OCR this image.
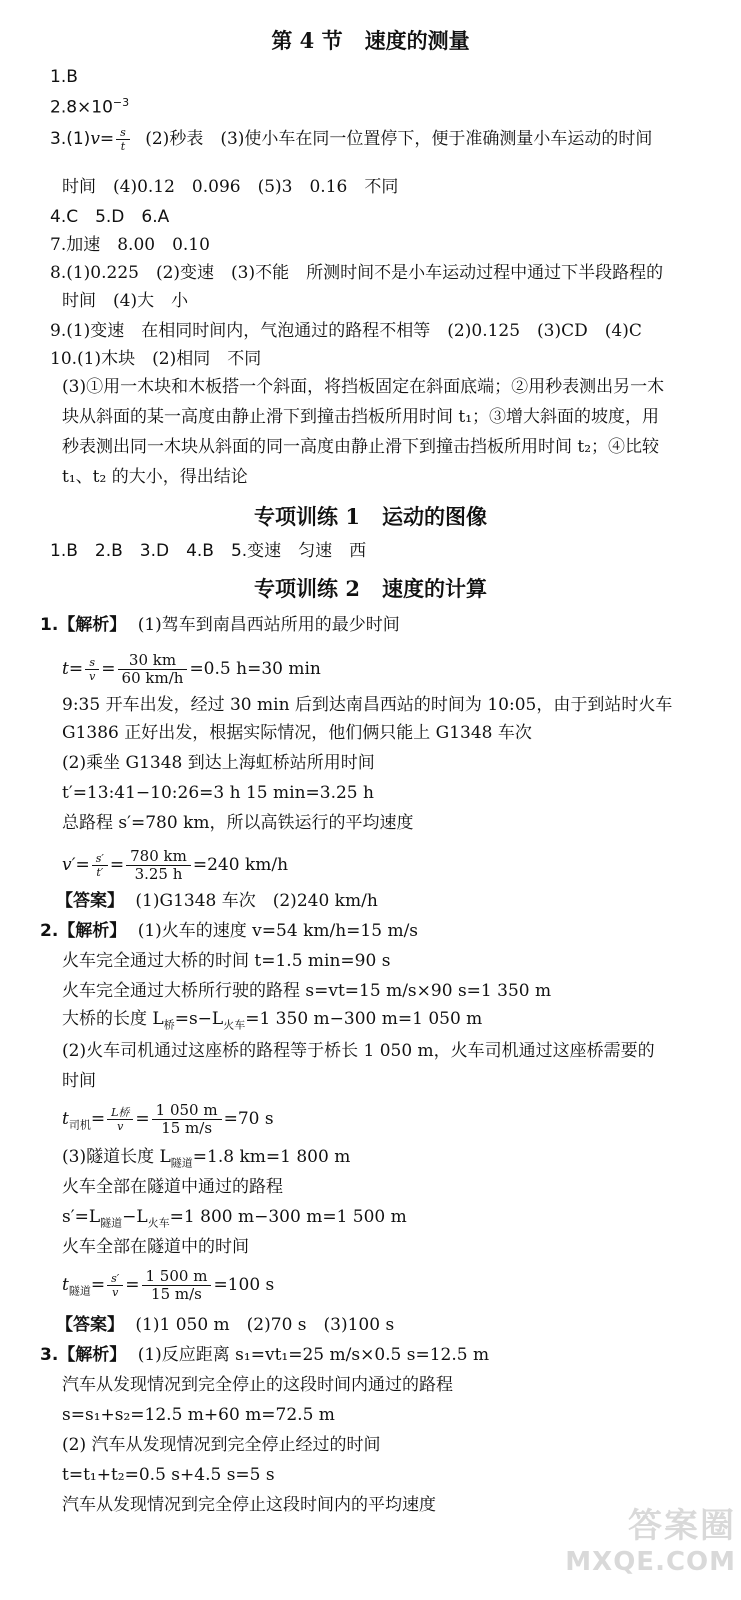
第 4 节 速度的测量
1.B
$2.8\times 10^{-3}$
$3.(1)v= \frac{s}{t} (2)$秒表　(3)使小车在同一位置停下，便于准确测量小车运动的时间
时间　(4)0.12　0.096　(5)3　0.16　不同
4.C　5.D　6.A
7.加速　8.00　0.10
8.(1)0.225　(2)变速　(3)不能　所测时间不是小车运动过程中通过下半段路程的
时间　(4)大　小
9.(1)变速　在相同时间内，气泡通过的路程不相等　(2)0.125　(3)CD　(4)C
10.(1)木块　(2)相同　不同
(3)①用一木块和木板搭一个斜面，将挡板固定在斜面底端；②用秒表测出另一木
块从斜面的某一高度由静止滑下到撞击挡板所用时间 t₁；③增大斜面的坡度，用
秒表测出同一木块从斜面的同一高度由静止滑下到撞击挡板所用时间 t₂；④比较
t₁、t₂ 的大小，得出结论
专项训练 1 运动的图像
1.B　2.B　3.D　4.B　5.变速　匀速　西
专项训练 2 速度的计算
1.【解析】 (1)驾车到南昌西站所用的最少时间
$t= \frac{s}{v} = \frac{30 km}{60 km/h} =0.5$ h=30 min
9:35 开车出发，经过 30 min 后到达南昌西站的时间为 10:05，由于到站时火车
G1386 正好出发，根据实际情况，他们俩只能上 G1348 车次
(2)乘坐 G1348 到达上海虹桥站所用时间
t′=13:41−10:26=3 h 15 min=3.25 h
总路程 s′=780 km，所以高铁运行的平均速度
$v'= \frac{s'}{t'} = \frac{780 km}{3.25 h} =240$ km/h
【答案】 (1)G1348 车次　(2)240 km/h
2.【解析】 (1)火车的速度 v=54 km/h=15 m/s
火车完全通过大桥的时间 t=1.5 min=90 s
火车完全通过大桥所行驶的路程 s=vt=15 m/s×90 s=1 350 m
大桥的长度 $L_桥=s-L_{火车}=1$ 350 m−300 m=1 050 m
(2)火车司机通过这座桥的路程等于桥长 1 050 m，火车司机通过这座桥需要的
时间
$t_{司机}= \frac{\text{L桥}}{v} = \frac{1 050 m}{15 m/s} =70$ s
(3)隧道长度 $L_{隧道}=1.8$ km=1 800 m
火车全部在隧道中通过的路程
$s'=L_{隧道}-L_{火车}=1$ 800 m−300 m=1 500 m
火车全部在隧道中的时间
$t_{隧道}= \frac{s'}{v} = \frac{1 500 m}{15 m/s} =100$ s
【答案】 (1)1 050 m　(2)70 s　(3)100 s
3.【解析】 (1)反应距离 s₁=vt₁=25 m/s×0.5 s=12.5 m
汽车从发现情况到完全停止的这段时间内通过的路程
s=s₁+s₂=12.5 m+60 m=72.5 m
(2) 汽车从发现情况到完全停止经过的时间
t=t₁+t₂=0.5 s+4.5 s=5 s
汽车从发现情况到完全停止这段时间内的平均速度
答案圈
MXQE.COM
